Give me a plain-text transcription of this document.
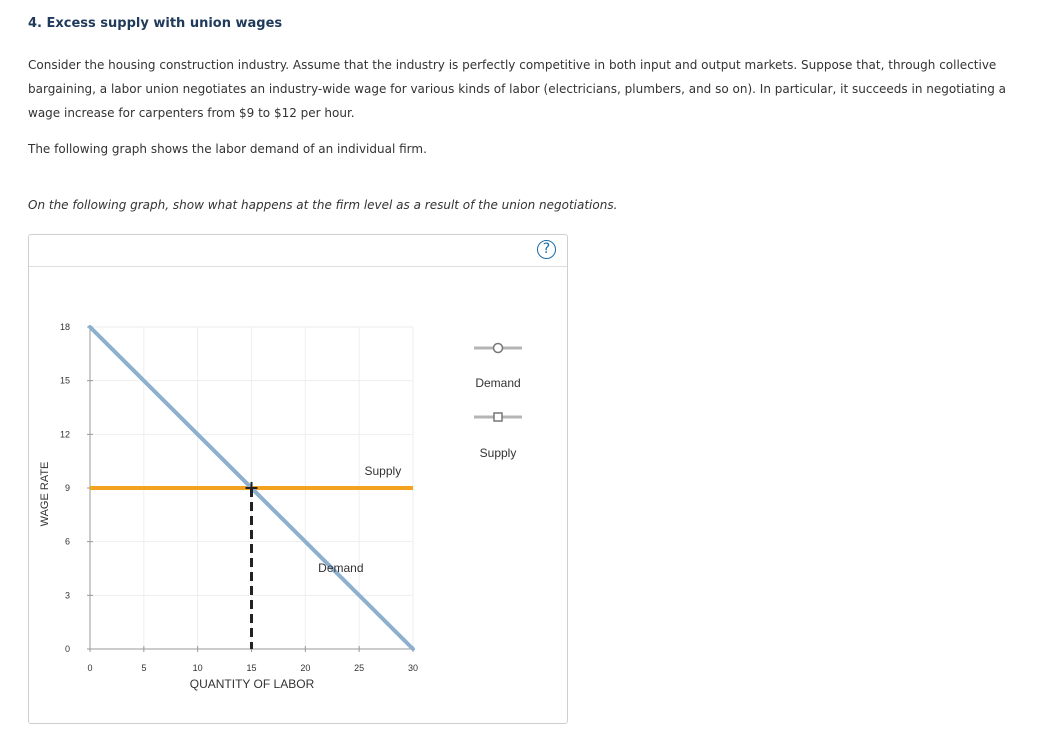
4. Excess supply with union wages
Consider the housing construction industry. Assume that the industry is perfectly competitive in both input and output markets. Suppose that, through collective bargaining, a labor union negotiates an industry-wide wage for various kinds of labor (electricians, plumbers, and so on). In particular, it succeeds in negotiating a wage increase for carpenters from $9 to $12 per hour.
The following graph shows the labor demand of an individual firm.
On the following graph, show what happens at the firm level as a result of the union negotiations.
?
0	5	10	15	20	25	30
0
3
6
9
12
15
18
Supply
Demand
QUANTITY OF LABOR
WAGE RATE
Demand
Supply
